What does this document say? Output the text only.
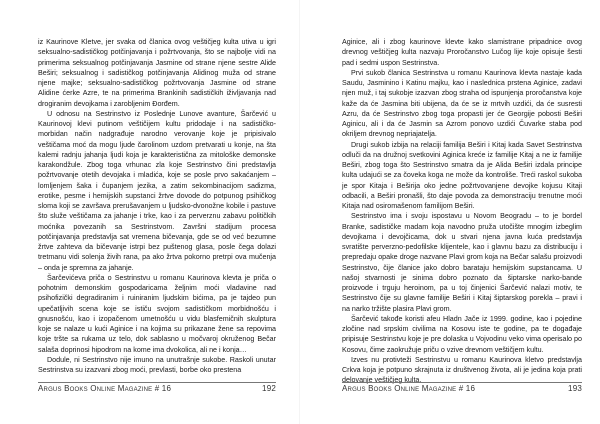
iz Kaurinove Kletve, jer svaka od članica ovog veštičjeg kulta utiva u igri seksualno-sadističkog potčinjavanja i požrtvovanja, što se najbolje vidi na primerima seksualnog potčinjavanja Jasmine od strane njene sestre Alide Beširi; seksualnog i sadističkog potčinjavanja Alidinog muža od strane njene majke; seksualno-sadističkog požrtvovanja Jasmine od strane Alidine ćerke Azre, te na primerima Brankinih sadističkih iživljavanja nad drogiranim devojkama i zarobljenim Đorđem.

U odnosu na Sestrinstvo iz Poslednje Lunove avanture, Šarčević u Kaurinovoj klevi putinom veštičijem kultu pridodaje i na sadističko-morbidan način nadgrađuje narodno verovanje koje je pripisivalo veštičama moć da mogu ljude čarolinom uzdom pretvarati u konje, na šta kalemi radnju jahanja ljudi koja je karakteristična za mitološke demonske karakondžule. Zbog toga vrhunac zla koje Sestrinstvo čini predstavlja požrtvovanje otetih devojaka i mladića, koje se posle prvo sakaćanjem – lomljenjem šaka i čupanjem jezika, a zatim sekombinacijom sadizma, erotike, pesme i hemijskih supstanci žrtve dovode do potpunog psihičkog sloma koji se završava prerušavanjem u ljudsko-dvonožne kobile i pastuve što služe veštičama za jahanje i trke, kao i za perverznu zabavu političkih moćnika povezanih sa Sestrinstvom. Završni stadijum procesa potčinjavanja predstavlja sat vremena bičevanja, gde se od već bezumne žrtve zahteva da bičevanje istrpi bez puštenog glasa, posle čega dolazi tretmanu vidi solenja živih rana, pa ako žrtva pokorno pretrpi ova mučenja – onda je spremna za jahanje.

Šarčevićeva priča o Sestrinstvu u romanu Kaurinova klevta je priča o pohotnim demonskim gospodaricama željnim moći vladavine nad psihofizički degradiranim i ruiniranim ljudskim bićima, pa je tajdeo pun upečatljivih scena koje se ističu svojom sadističkom morbidnošću i gnusnošću, kao i izopačenom umetnošću u vidu blasfemičnih skulptura koje se nalaze u kući Aginice i na kojima su prikazane žene sa repovima koje tršte sa rukama uz telo, dok sablasno u močvaroj okruženog Bečar salaša doprinosi hipodrom na kome ima dvokolica, ali ne i konja…

Dodule, ni Sestrinstvo nije imuno na unutrašnje sukobe. Raskoli unutar Sestrinstva su izazvani zbog moći, prevlasti, borbe oko prestena

Argus Books Online Magazine # 16	192

Aginice, ali i zbog kaurinove klevte kako slamistrane pripadnice ovog drevnog veštičjeg kulta nazvaju Proročanstvo Lučog lije koje opisuje šesti pad i sedmi uspon Sestrinstva.

Prvi sukob članica Sestrinstva u romanu Kaurinova klevta nastaje kada Saudu, Jasminino i Katinu majku, kao i naslednica prstena Aginice, zadavi njen muž, i taj sukobje izazvan zbog straha od ispunjenja proročanstva koje kaže da će Jasmina biti ubijena, da će se iz mrtvih uzdići, da će susresti Azru, da će Sestrinstvo zbog toga propasti jer će Georgije pobosti Beširi Aginicu, ali i da će Jasmin sa Azrom ponovo uzdići Čuvarke staba pod okriljem drevnog nepriajatelja.

Drugi sukob izbija na relaciji familija Beširi i Kitaj kada Savet Sestrinstva odluči da na družnoj svetkovini Aginica kreće iz familije Kitaj a ne iz familije Beširi, zbog toga što Sestrinstvo smatra da je Alida Beširi izdala principe kulta udajući se za čoveka koga ne može da kontroliše. Treći raskol sukoba je spor Kitaja i Beširija oko jedne požrtvovanjene devojke kojusu Kitaji odbacili, a Beširi pronašli, što daje povoda za demonstraciju trenutne moći Kitaja nad osiromašenom familijom Beširi.

Sestrinstvo ima i svoju ispostavu u Novom Beogradu – to je bordel Branke, sadističke madam koja navodno pruža utočište mnogim izbeglim devojkama i devojčicama, dok u stvari njena javna kuća predstavlja svratište perverzno-pedofilske klijentele, kao i glavnu bazu za distribuciju i prepredaju opake droge nazvane Plavi grom koja na Bečar salašu proizvodi Sestrinstvo, čije članice jako dobro barataju hemijskim supstancama. U našoj stvarnosti je sinima dobro poznato da šiptarske narko-bande proizvode i trguju heroinom, pa u toj činjenici Šarčević nalazi motiv, te Sestrinstvo čije su glavne familije Beširi i Kitaj šiptarskog porekla – pravi i na narko tržište plasira Plavi grom.

Šarčević takođe koristi afeu Hladn Jače iz 1999. godine, kao i pojedine zločine nad srpskim civilima na Kosovu iste te godine, pa te događaje pripisuje Sestrinstvu koje je pre dolaska u Vojvodinu veko vima operisalo po Kosovu, čime zaokružuje priču o vzive drevnom veštičjem kultu.

Izves nu protivteži Sestrinstvu u romanu Kaurinova kletvo predstavlja Crkva koja je potpuno skrajnuta iz društvenog života, ali je jedina koja prati delovanje veštičjeg kulta.

Argus Books Online Magazine # 16	193
